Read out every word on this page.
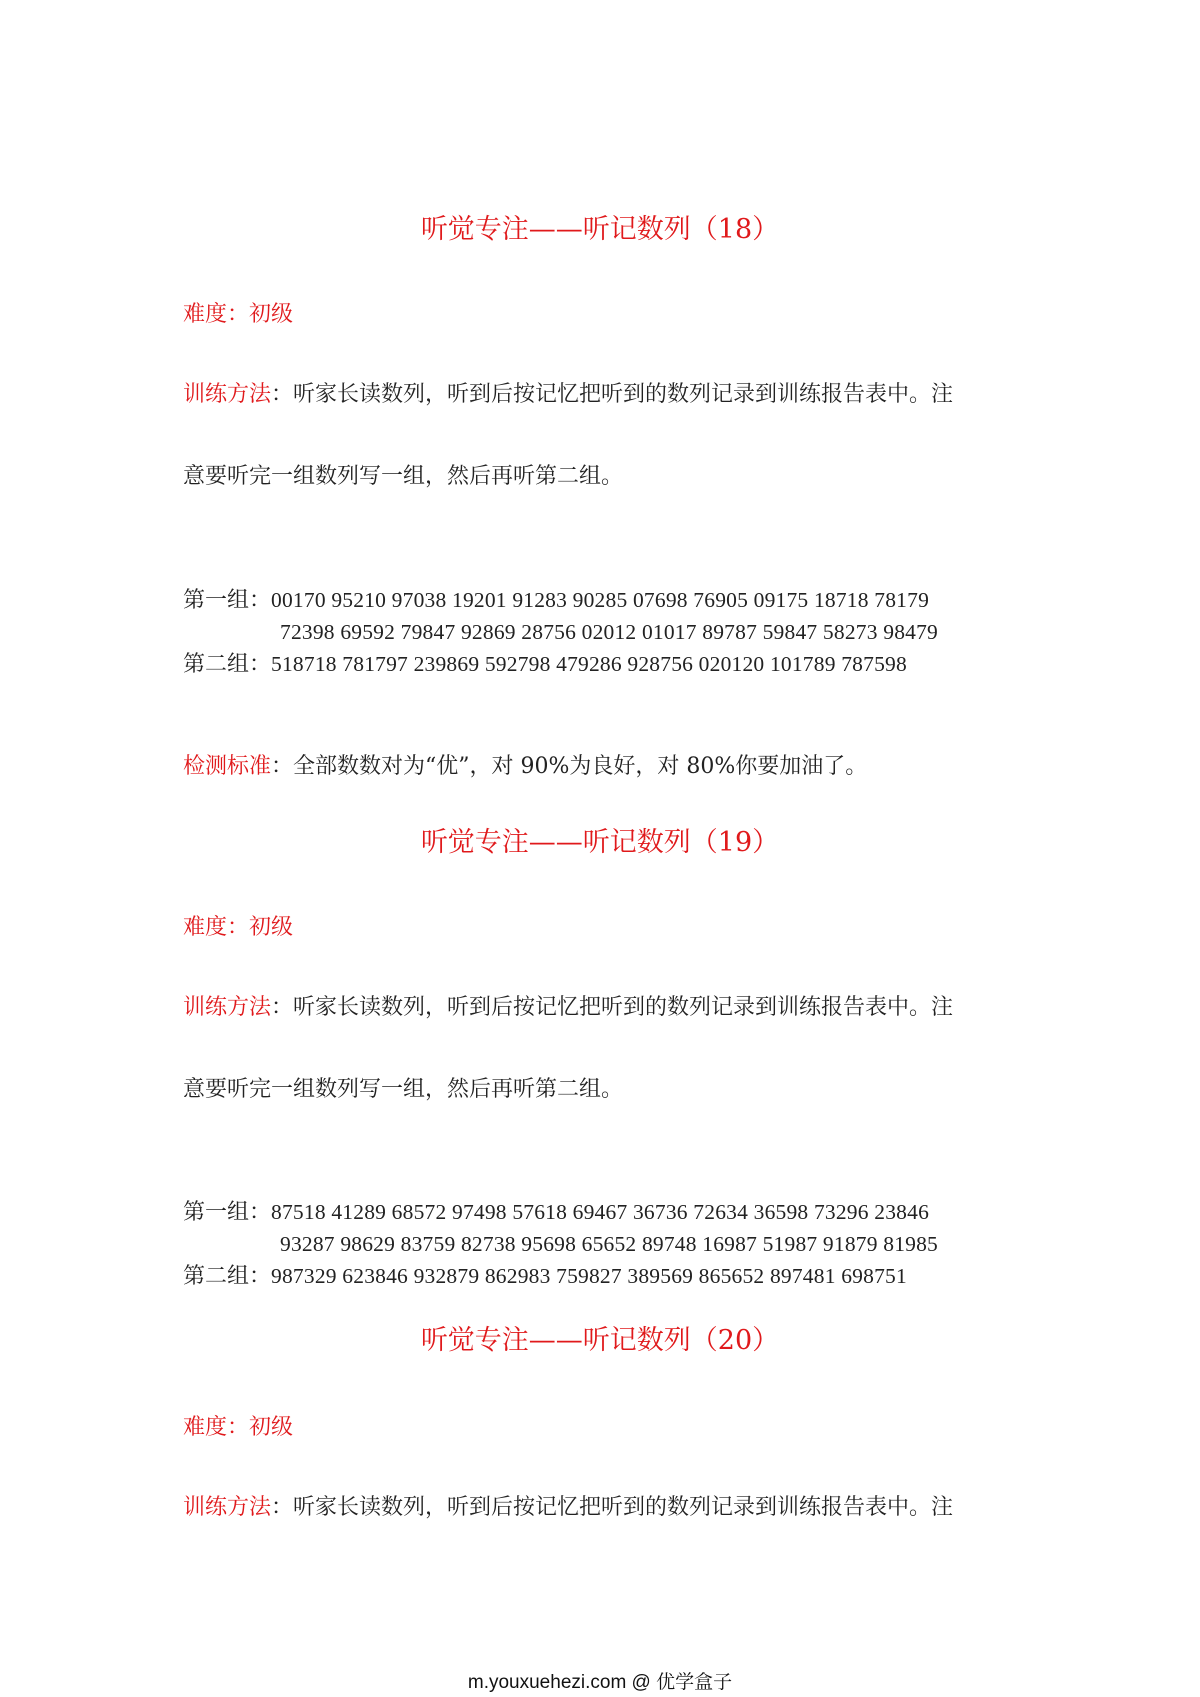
听觉专注——听记数列（18）
难度：初级
训练方法：听家长读数列，听到后按记忆把听到的数列记录到训练报告表中。注
意要听完一组数列写一组，然后再听第二组。
第一组：00170 95210 97038 19201 91283 90285 07698 76905 09175 18718 78179
72398 69592 79847 92869 28756 02012 01017 89787 59847 58273 98479
第二组：518718 781797 239869 592798 479286 928756 020120 101789 787598
检测标准：全部数数对为“优”，对 90%为良好，对 80%你要加油了。
听觉专注——听记数列（19）
难度：初级
训练方法：听家长读数列，听到后按记忆把听到的数列记录到训练报告表中。注
意要听完一组数列写一组，然后再听第二组。
第一组：87518 41289 68572 97498 57618 69467 36736 72634 36598 73296 23846
93287 98629 83759 82738 95698 65652 89748 16987 51987 91879 81985
第二组：987329 623846 932879 862983 759827 389569 865652 897481 698751
听觉专注——听记数列（20）
难度：初级
训练方法：听家长读数列，听到后按记忆把听到的数列记录到训练报告表中。注
m.youxuehezi.com @ 优学盒子
